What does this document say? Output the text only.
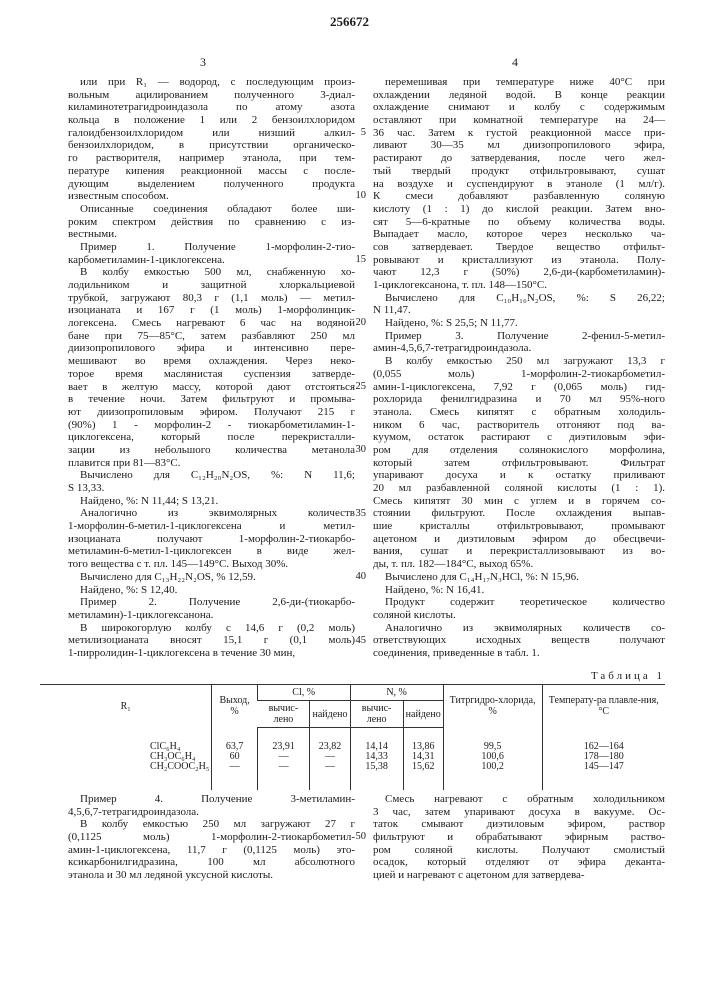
256672
3	4
или при R₁ — водород, с последующим произ-
вольным ацилированием полученного 3-диал-
киламинотетрагидроиндазола по атому азота
кольца в положение 1 или 2 бензоилхлоридом
галоидбензоилхлоридом или низший алкил-
бензоилхлоридом, в присутствии органическо-
го растворителя, например этанола, при тем-
пературе кипения реакционной массы с после-
дующим выделением полученного продукта
известным способом.
Описанные соединения обладают более ши-
роким спектром действия по сравнению с из-
вестными.
Пример 1. Получение 1-морфолин-2-тио-
карбометиламин-1-циклогексена.
В колбу емкостью 500 мл, снабженную хо-
лодильником и защитной хлоркальциевой
трубкой, загружают 80,3 г (1,1 моль) — метил-
изоцианата и 167 г (1 моль) 1-морфолинцик-
логексена. Смесь нагревают 6 час на водяной
бане при 75—85°С, затем разбавляют 250 мл
диизопропилового эфира и интенсивно пере-
мешивают во время охлаждения. Через неко-
торое время маслянистая суспензия затверде-
вает в желтую массу, которой дают отстояться
в течение ночи. Затем фильтруют и промыва-
ют диизопропиловым эфиром. Получают 215 г
(90%) 1 - морфолин-2 - тиокарбометиламин-1-
циклогексена, который после перекристалли-
зации из небольшого количества метанола
плавится при 81—83°С.
Вычислено для C₁₂H₂₀N₂OS, %: N 11,6;
S 13,33.
Найдено, %: N 11,44; S 13,21.
Аналогично из эквимолярных количеств
1-морфолин-6-метил-1-циклогексена и метил-
изоцианата получают 1-морфолин-2-тиокарбо-
метиламин-6-метил-1-циклогексен в виде жел-
того вещества с т. пл. 145—149°С. Выход 30%.
Вычислено для C₁₃H₂₂N₂OS, % 12,59.
Найдено, %: S 12,40.
Пример 2. Получение 2,6-ди-(тиокарбо-
метиламин)-1-циклогексанона.
В широкогорлую колбу с 14,6 г (0,2 моль)
метилизоцианата вносят 15,1 г (0,1 моль)
1-пирролидин-1-циклогексена в течение 30 мин,
перемешивая при температуре ниже 40°С при
охлаждении ледяной водой. В конце реакции
охлаждение снимают и колбу с содержимым
оставляют при комнатной температуре на 24—
36 час. Затем к густой реакционной массе при-
ливают 30—35 мл диизопропилового эфира,
растирают до затвердевания, после чего жел-
тый твердый продукт отфильтровывают, сушат
на воздухе и суспендируют в этаноле (1 мл/г).
К смеси добавляют разбавленную соляную
кислоту (1 : 1) до кислой реакции. Затем вно-
сят 5—6-кратные по объему количества воды.
Выпадает масло, которое через несколько ча-
сов затвердевает. Твердое вещество отфильт-
ровывают и кристаллизуют из этанола. Полу-
чают 12,3 г (50%) 2,6-ди-(карбометиламин)-
1-циклогексанона, т. пл. 148—150°С.
Вычислено для C₁₀H₁₆N₂OS, %: S 26,22;
N 11,47.
Найдено, %: S 25,5; N 11,77.
Пример 3. Получение 2-фенил-5-метил-
амин-4,5,6,7-тетрагидроиндазола.
В колбу емкостью 250 мл загружают 13,3 г
(0,055 моль) 1-морфолин-2-тиокарбометил-
амин-1-циклогексена, 7,92 г (0,065 моль) гид-
рохлорида фенилгидразина и 70 мл 95%-ного
этанола. Смесь кипятят с обратным холодиль-
ником 6 час, растворитель отгоняют под ва-
куумом, остаток растирают с диэтиловым эфи-
ром для отделения солянокислого морфолина,
который затем отфильтровывают. Фильтрат
упаривают досуха и к остатку приливают
20 мл разбавленной соляной кислоты (1 : 1).
Смесь кипятят 30 мин с углем и в горячем со-
стоянии фильтруют. После охлаждения выпав-
шие кристаллы отфильтровывают, промывают
ацетоном и диэтиловым эфиром до обесцвечи-
вания, сушат и перекристаллизовывают из во-
ды, т. пл. 182—184°С, выход 65%.
Вычислено для C₁₄H₁₇N₃HCl, %: N 15,96.
Найдено, %: N 16,41.
Продукт содержит теоретическое количество
соляной кислоты.
Аналогично из эквимолярных количеств со-
ответствующих исходных веществ получают
соединения, приведенные в табл. 1.
5
10
15
20
25
30
35
40
45
Таблица 1
R₁	Выход, %	Cl, %	N, %	Титргидро-хлорида, %	Температу-ра плавле-ния, °С
вычис-лено	найдено	вычис-лено	найдено

ClC₆H₄
CH₃OC₆H₄
CH₂COOC₂H₅

63,7
60
—

23,91
—
—

23,82
—
—

14,14
14,33
15,38

13,86
14,31
15,62

99,5
100,6
100,2

162—164
178—180
145—147
Пример 4. Получение 3-метиламин-
4,5,6,7-тетрагидроиндазола.
В колбу емкостью 250 мл загружают 27 г
(0,1125 моль) 1-морфолин-2-тиокарбометил-
амин-1-циклогексена, 11,7 г (0,1125 моль) это-
ксикарбонилгидразина, 100 мл абсолютного
этанола и 30 мл ледяной уксусной кислоты.
Смесь нагревают с обратным холодильником
3 час, затем упаривают досуха в вакууме. Ос-
таток смывают диэтиловым эфиром, раствор
фильтруют и обрабатывают эфирным раство-
ром соляной кислоты. Получают смолистый
осадок, который отделяют от эфира деканта-
цией и нагревают с ацетоном для затвердева-
50
